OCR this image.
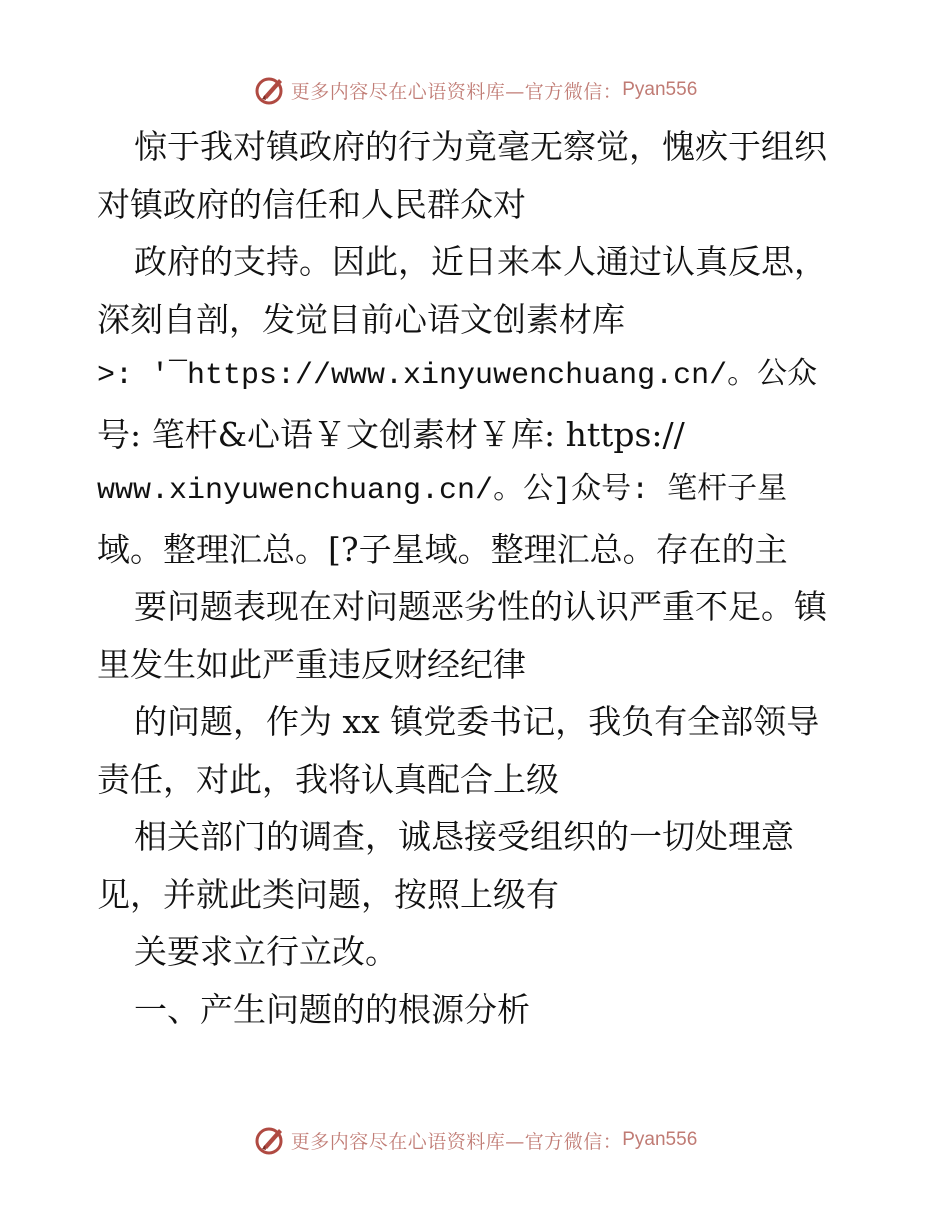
更多内容尽在心语资料库—官方微信： Pyan556
惊于我对镇政府的行为竟毫无察觉，愧疚于组织
对镇政府的信任和人民群众对
政府的支持。因此，近日来本人通过认真反思，
深刻自剖，发觉目前心语文创素材库
>: ′¯https://www.xinyuwenchuang.cn/。公众
号: 笔杆&心语￥文创素材￥库: https://
www.xinyuwenchuang.cn/。公]众号: 笔杆子星
域。整理汇总。[?子星域。整理汇总。存在的主
要问题表现在对问题恶劣性的认识严重不足。镇
里发生如此严重违反财经纪律
的问题，作为 xx 镇党委书记，我负有全部领导
责任，对此，我将认真配合上级
相关部门的调查，诚恳接受组织的一切处理意
见，并就此类问题，按照上级有
关要求立行立改。
一、产生问题的的根源分析
更多内容尽在心语资料库—官方微信： Pyan556
